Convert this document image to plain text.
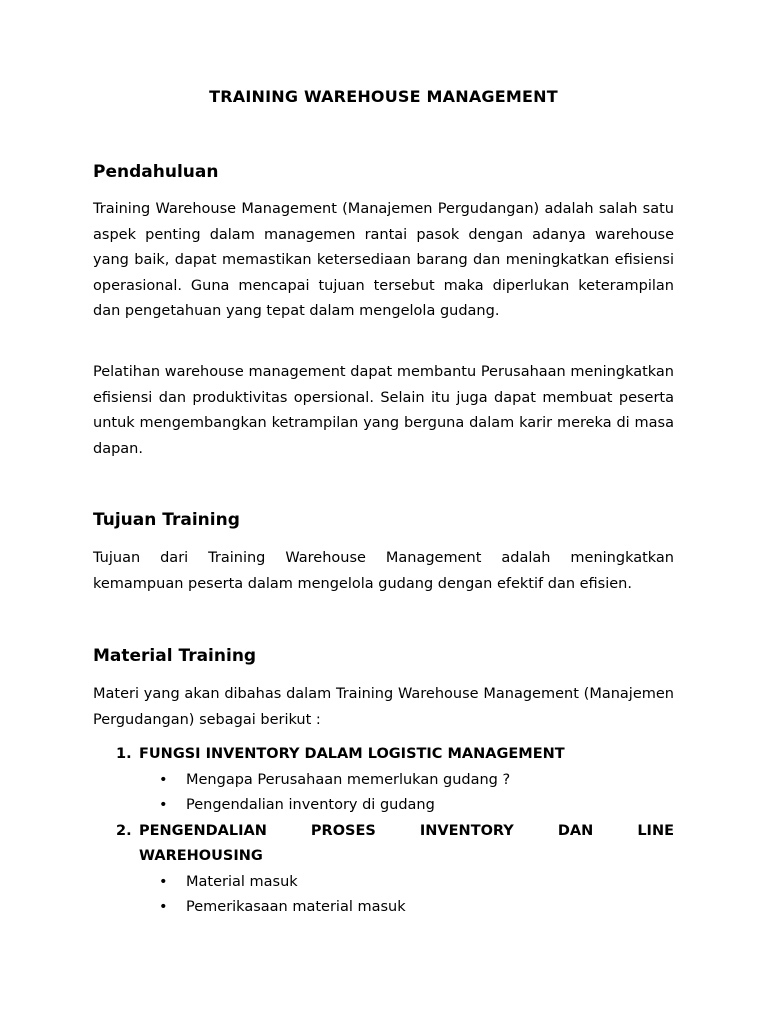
TRAINING WAREHOUSE MANAGEMENT
Pendahuluan

Training Warehouse Management (Manajemen Pergudangan) adalah salah satu aspek penting dalam managemen rantai pasok dengan adanya warehouse yang baik, dapat memastikan ketersediaan barang dan meningkatkan efisiensi operasional. Guna mencapai tujuan tersebut maka diperlukan keterampilan dan pengetahuan yang tepat dalam mengelola gudang.

Pelatihan warehouse management dapat membantu Perusahaan meningkatkan efisiensi dan produktivitas opersional. Selain itu juga dapat membuat peserta untuk mengembangkan ketrampilan yang berguna dalam karir mereka di masa dapan.

Tujuan Training

Tujuan dari Training Warehouse Management adalah meningkatkan kemampuan peserta dalam mengelola gudang dengan efektif dan efisien.

Material Training

Materi yang akan dibahas dalam Training Warehouse Management (Manajemen Pergudangan) sebagai berikut :

1. FUNGSI INVENTORY DALAM LOGISTIC MANAGEMENT
• Mengapa Perusahaan memerlukan gudang ?
• Pengendalian inventory di gudang
2. PENGENDALIAN PROSES INVENTORY DAN LINE
WAREHOUSING
• Material masuk
• Pemerikasaan material masuk
